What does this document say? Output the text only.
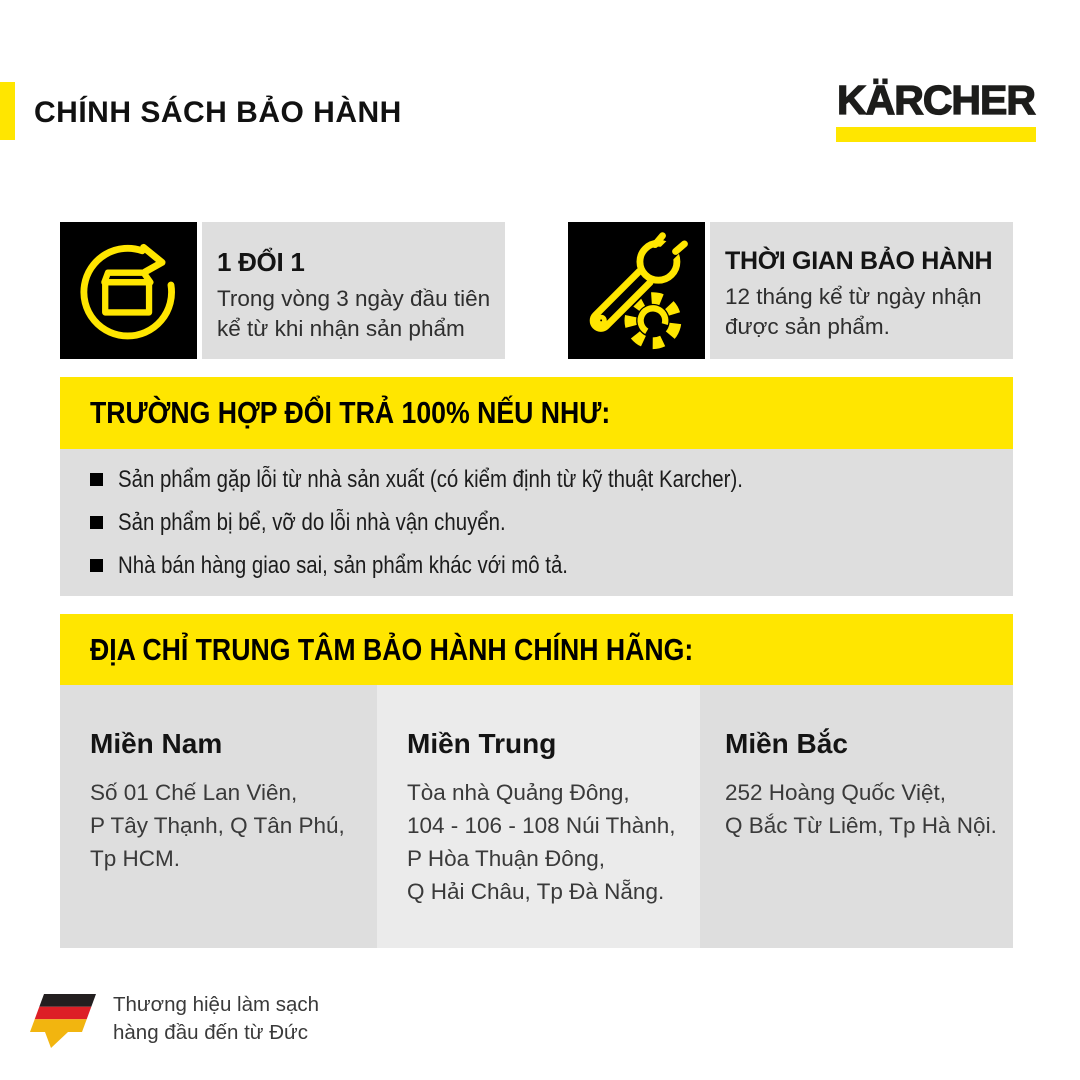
CHÍNH SÁCH BẢO HÀNH	KÄRCHER
1 ĐỔI 1
Trong vòng 3 ngày đầu tiên
kể từ khi nhận sản phẩm
THỜI GIAN BẢO HÀNH
12 tháng kể từ ngày nhận
được sản phẩm.
TRƯỜNG HỢP ĐỔI TRẢ 100% NẾU NHƯ:
Sản phẩm gặp lỗi từ nhà sản xuất (có kiểm định từ kỹ thuật Karcher).
Sản phẩm bị bể, vỡ do lỗi nhà vận chuyển.
Nhà bán hàng giao sai, sản phẩm khác với mô tả.
ĐỊA CHỈ TRUNG TÂM BẢO HÀNH CHÍNH HÃNG:
Miền Nam
Số 01 Chế Lan Viên,
P Tây Thạnh, Q Tân Phú,
Tp HCM.
Miền Trung
Tòa nhà Quảng Đông,
104 - 106 - 108 Núi Thành,
P Hòa Thuận Đông,
Q Hải Châu, Tp Đà Nẵng.
Miền Bắc
252 Hoàng Quốc Việt,
Q Bắc Từ Liêm, Tp Hà Nội.
Thương hiệu làm sạch
hàng đầu đến từ Đức
